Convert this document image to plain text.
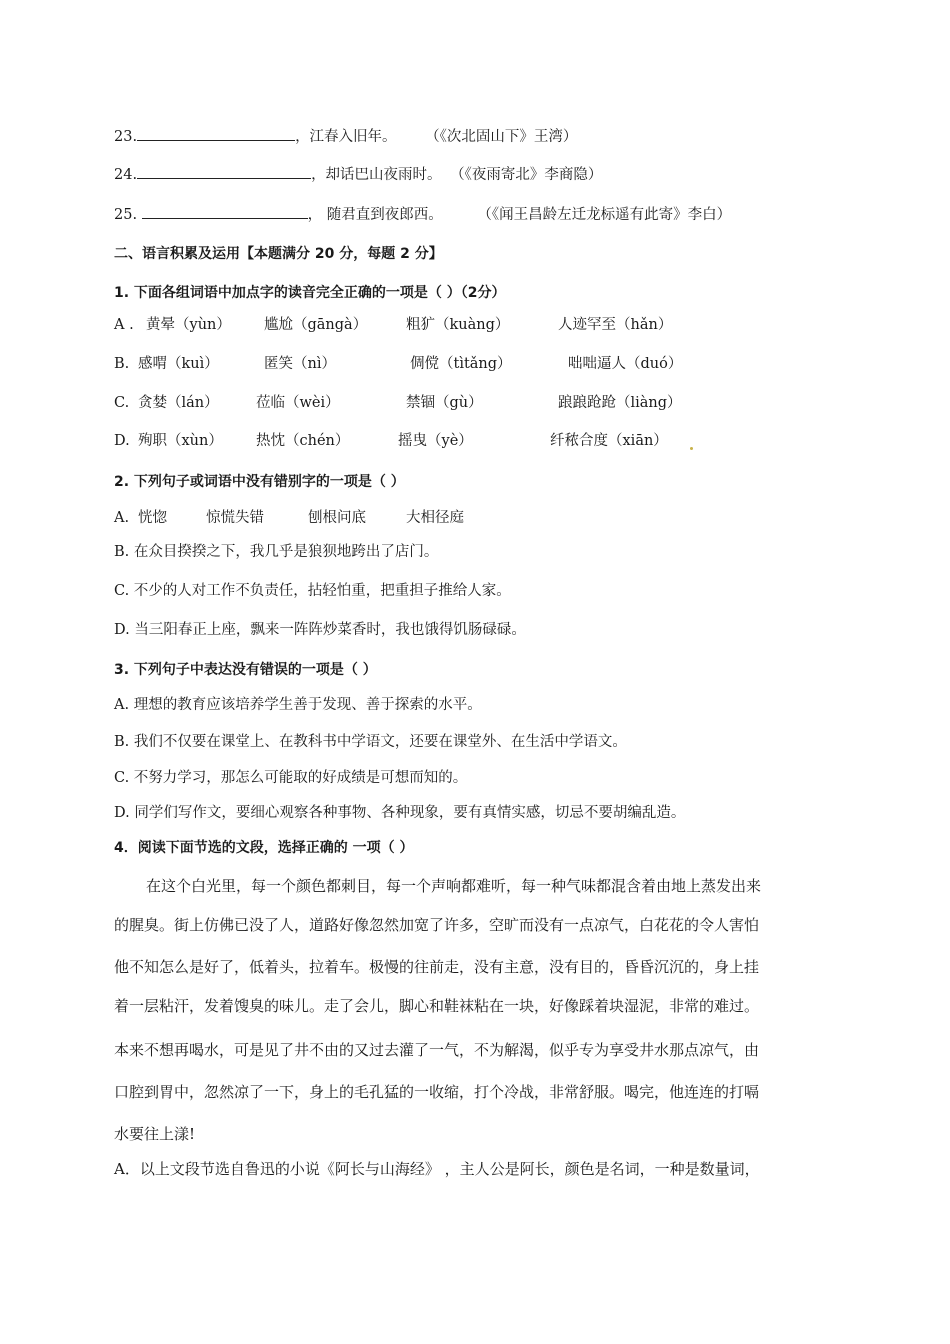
23.	，江春入旧年。 （《次北固山下》王湾）
24.	，却话巴山夜雨时。 （《夜雨寄北》李商隐）
25.	， 随君直到夜郎西。 （《闻王昌龄左迁龙标遥有此寄》李白）
二、语言积累及运用【本题满分 20 分，每题 2 分】
1. 下面各组词语中加点字的读音完全正确的一项是（ ）（2分）
A . 黄晕（yùn） 尴尬（gāngà）	粗犷（kuàng）	人迹罕至（hǎn）
B. 感喟（kuì）	匿笑（nì）	倜傥（tìtǎng）	咄咄逼人（duó）
C. 贪婪（lán）	莅临（wèi）	禁锢（gù）	踉踉跄跄（liàng）
D. 殉职（xùn） 热忱（chén）	摇曳（yè）	纤秾合度（xiān）
2. 下列句子或词语中没有错别字的一项是（ ）
A. 恍惚	惊慌失错	刨根问底	大相径庭
B. 在众目揆揆之下，我几乎是狼狈地跨出了店门。
C. 不少的人对工作不负责任，拈轻怕重，把重担子推给人家。
D. 当三阳春正上座，飘来一阵阵炒菜香时，我也饿得饥肠碌碌。
3. 下列句子中表达没有错误的一项是（ ）
A. 理想的教育应该培养学生善于发现、善于探索的水平。
B. 我们不仅要在课堂上、在教科书中学语文，还要在课堂外、在生活中学语文。
C. 不努力学习，那怎么可能取的好成绩是可想而知的。
D. 同学们写作文，要细心观察各种事物、各种现象，要有真情实感，切忌不要胡编乱造。
4．阅读下面节选的文段，选择正确的 一项（ ）
在这个白光里，每一个颜色都刺目，每一个声响都难听，每一种气味都混含着由地上蒸发出来
的腥臭。街上仿佛已没了人，道路好像忽然加宽了许多，空旷而没有一点凉气，白花花的令人害怕
他不知怎么是好了，低着头，拉着车。极慢的往前走，没有主意，没有目的，昏昏沉沉的，身上挂
着一层粘汗，发着馊臭的味儿。走了会儿，脚心和鞋袜粘在一块，好像踩着块湿泥，非常的难过。
本来不想再喝水，可是见了井不由的又过去灌了一气，不为解渴，似乎专为享受井水那点凉气，由
口腔到胃中，忽然凉了一下，身上的毛孔猛的一收缩，打个冷战，非常舒服。喝完，他连连的打嗝
水要往上漾!
A．以上文段节选自鲁迅的小说《阿长与山海经》 ，主人公是阿长，颜色是名词，一种是数量词，
